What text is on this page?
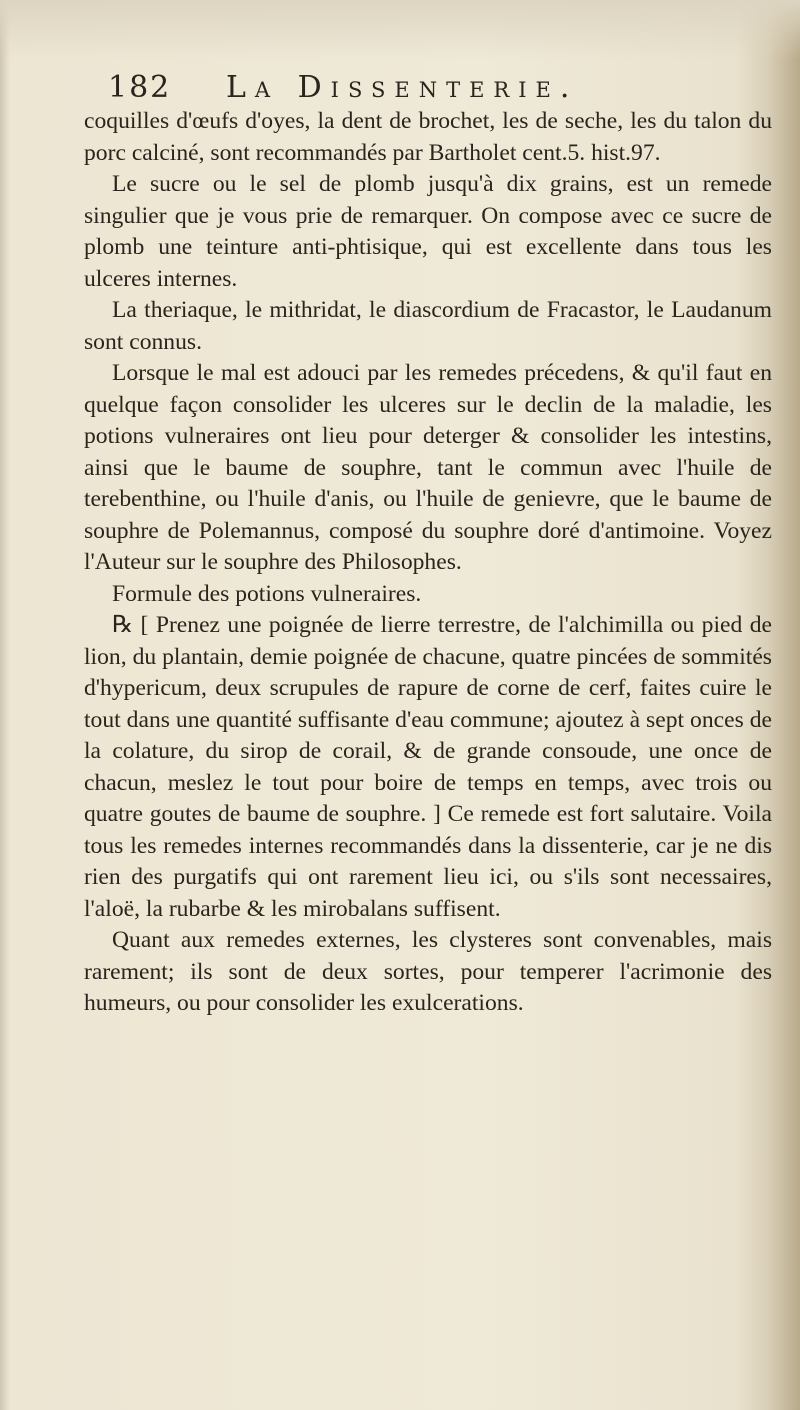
182 La Dissenterie.

coquilles d'œufs d'oyes, la dent de brochet, les de seche, les du talon du porc calciné, sont recommandés par Bartholet cent.5. hist.97.

Le sucre ou le sel de plomb jusqu'à dix grains, est un remede singulier que je vous prie de remarquer. On compose avec ce sucre de plomb une teinture anti-phtisique, qui est excellente dans tous les ulceres internes.

La theriaque, le mithridat, le diascordium de Fracastor, le Laudanum sont connus.

Lorsque le mal est adouci par les remedes précedens, & qu'il faut en quelque façon consolider les ulceres sur le declin de la maladie, les potions vulneraires ont lieu pour deterger & consolider les intestins, ainsi que le baume de souphre, tant le commun avec l'huile de terebenthine, ou l'huile d'anis, ou l'huile de genievre, que le baume de souphre de Polemannus, composé du souphre doré d'antimoine. Voyez l'Auteur sur le souphre des Philosophes.

Formule des potions vulneraires.

℞ [ Prenez une poignée de lierre terrestre, de l'alchimilla ou pied de lion, du plantain, demie poignée de chacune, quatre pincées de sommités d'hypericum, deux scrupules de rapure de corne de cerf, faites cuire le tout dans une quantité suffisante d'eau commune; ajoutez à sept onces de la colature, du sirop de corail, & de grande consoude, une once de chacun, meslez le tout pour boire de temps en temps, avec trois ou quatre goutes de baume de souphre. ] Ce remede est fort salutaire. Voila tous les remedes internes recommandés dans la dissenterie, car je ne dis rien des purgatifs qui ont rarement lieu ici, ou s'ils sont necessaires, l'aloë, la rubarbe & les mirobalans suffisent.

Quant aux remedes externes, les clysteres sont convenables, mais rarement; ils sont de deux sortes, pour temperer l'acrimonie des humeurs, ou pour consolider les exulcerations.
